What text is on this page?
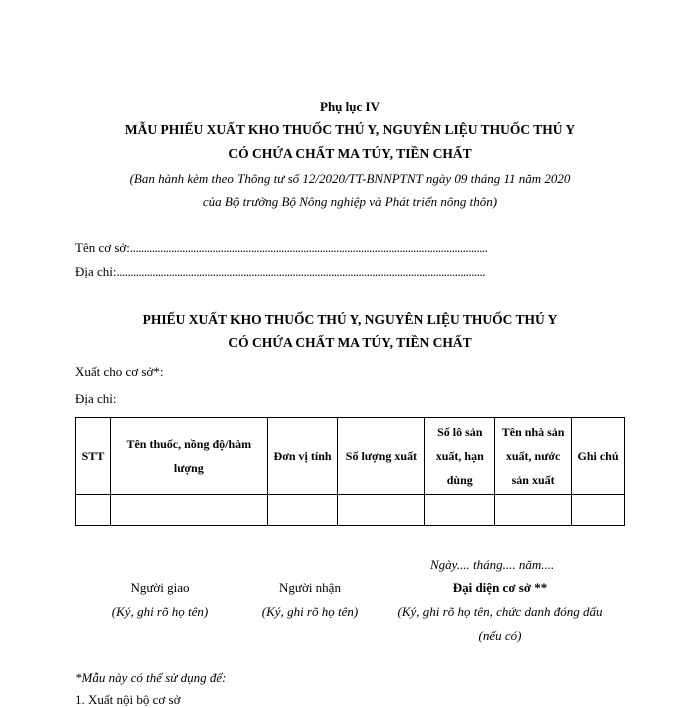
Phụ lục IV
MẪU PHIẾU XUẤT KHO THUỐC THÚ Y, NGUYÊN LIỆU THUỐC THÚ Y
CÓ CHỨA CHẤT MA TÚY, TIỀN CHẤT
(Ban hành kèm theo Thông tư số 12/2020/TT-BNNPTNT ngày 09 tháng 11 năm 2020
của Bộ trưởng Bộ Nông nghiệp và Phát triển nông thôn)
Tên cơ sở:..................................................................................................................................
Địa chỉ:......................................................................................................................................
PHIẾU XUẤT KHO THUỐC THÚ Y, NGUYÊN LIỆU THUỐC THÚ Y
CÓ CHỨA CHẤT MA TÚY, TIỀN CHẤT
Xuất cho cơ sở*:
Địa chỉ:
STT	Tên thuốc, nồng độ/hàm lượng	Đơn vị tính	Số lượng xuất	Số lô sản xuất, hạn dùng	Tên nhà sản xuất, nước sản xuất	Ghi chú

Ngày.... tháng.... năm....
Người giao
(Ký, ghi rõ họ tên)
Người nhận
(Ký, ghi rõ họ tên)
Đại diện cơ sở **
(Ký, ghi rõ họ tên, chức danh đóng dấu
(nếu có)
*Mẫu này có thể sử dụng để:
1. Xuất nội bộ cơ sở
